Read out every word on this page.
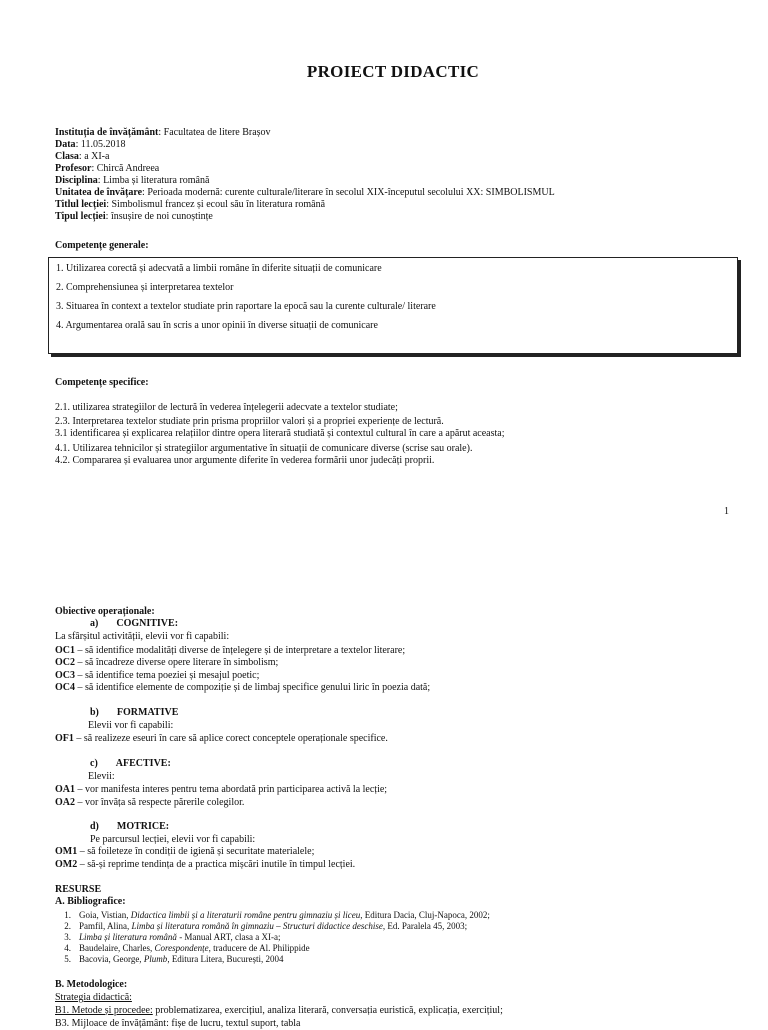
PROIECT DIDACTIC
Instituția de învățământ: Facultatea de litere Brașov
Data: 11.05.2018
Clasa: a XI-a
Profesor: Chircă Andreea
Disciplina: Limba și literatura română
Unitatea de învățare: Perioada modernă: curente culturale/literare în secolul XIX-începutul secolului XX: SIMBOLISMUL
Titlul lecției: Simbolismul francez și ecoul său în literatura română
Tipul lecției: însușire de noi cunoștințe
Competențe generale:
1. Utilizarea corectă și adecvată a limbii române în diferite situații de comunicare
2. Comprehensiunea și interpretarea textelor
3. Situarea în context a textelor studiate prin raportare la epocă sau la curente culturale/ literare
4. Argumentarea orală sau în scris a unor opinii în diverse situații de comunicare
Competențe specifice:
2.1. utilizarea strategiilor de lectură în vederea înțelegerii adecvate a textelor studiate;
2.3. Interpretarea textelor studiate prin prisma propriilor valori și a propriei experiențe de lectură.
3.1 identificarea și explicarea relațiilor dintre opera literară studiată și contextul cultural în care a apărut aceasta;
4.1. Utilizarea tehnicilor și strategiilor argumentative în situații de comunicare diverse (scrise sau orale).
4.2. Compararea și evaluarea unor argumente diferite în vederea formării unor judecăți proprii.
1
Obiective operaționale:
a) COGNITIVE:
La sfârșitul activității, elevii vor fi capabili:
OC1 – să identifice modalități diverse de înțelegere și de interpretare a textelor literare;
OC2 – să încadreze diverse opere literare în simbolism;
OC3 – să identifice tema poeziei și mesajul poetic;
OC4 – să identifice elemente de compoziție și de limbaj specifice genului liric în poezia dată;
b) FORMATIVE
Elevii vor fi capabili:
OF1 – să realizeze eseuri în care să aplice corect conceptele operaționale specifice.
c) AFECTIVE:
Elevii:
OA1 – vor manifesta interes pentru tema abordată prin participarea activă la lecție;
OA2 – vor învăța să respecte părerile colegilor.
d) MOTRICE:
Pe parcursul lecției, elevii vor fi capabili:
OM1 – să foileteze în condiții de igienă și securitate materialele;
OM2 – să-și reprime tendința de a practica mișcări inutile în timpul lecției.
RESURSE
A. Bibliografice:
1. Goia, Vistian, Didactica limbii și a literaturii române pentru gimnaziu și liceu, Editura Dacia, Cluj-Napoca, 2002;
2. Pamfil, Alina, Limba și literatura română în gimnaziu – Structuri didactice deschise, Ed. Paralela 45, 2003;
3. Limba și literatura română - Manual ART, clasa a XI-a;
4. Baudelaire, Charles, Corespondențe, traducere de Al. Philippide
5. Bacovia, George, Plumb, Editura Litera, București, 2004
B. Metodologice:
Strategia didactică:
B1. Metode și procedee: problematizarea, exercițiul, analiza literară, conversația euristică, explicația, exercițiul;
B3. Mijloace de învățământ: fișe de lucru, textul suport, tabla
